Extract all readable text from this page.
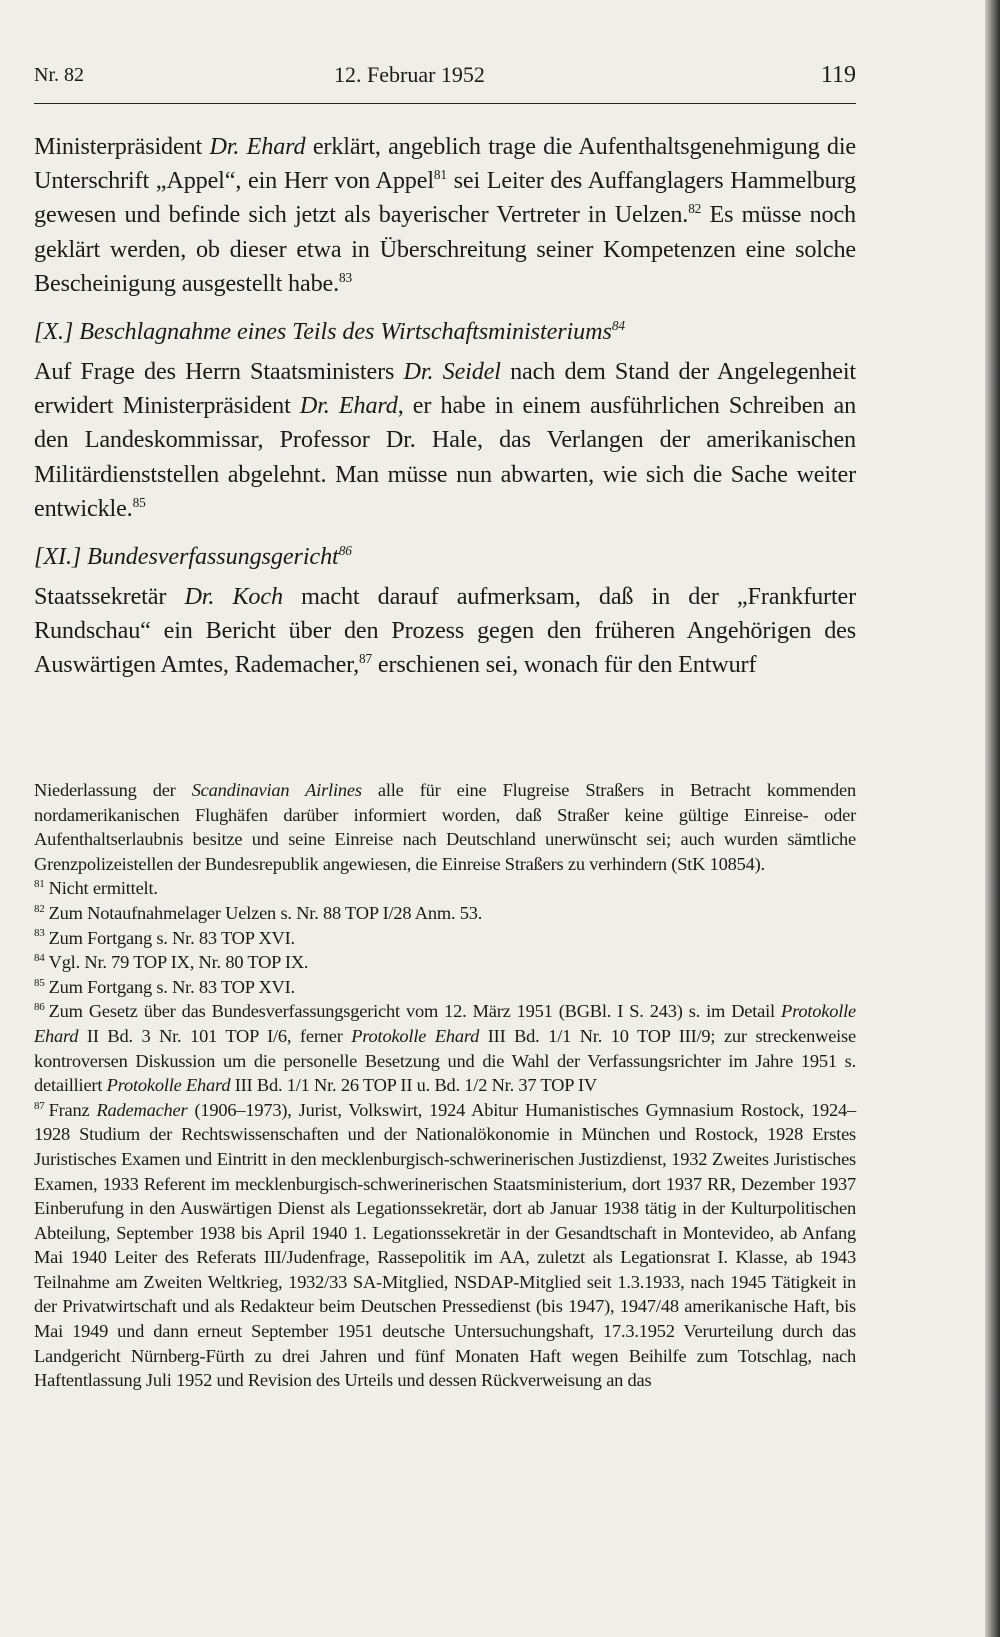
Nr. 82	12. Februar 1952	119

Ministerpräsident Dr. Ehard erklärt, angeblich trage die Aufenthaltsgenehmigung die Unterschrift „Appel“, ein Herr von Appel$^{81}$ sei Leiter des Auffanglagers Hammelburg gewesen und befinde sich jetzt als bayerischer Vertreter in Uelzen.$^{82}$ Es müsse noch geklärt werden, ob dieser etwa in Überschreitung seiner Kompetenzen eine solche Bescheinigung ausgestellt habe.$^{83}$

[X.] Beschlagnahme eines Teils des Wirtschaftsministeriums$^{84}$

Auf Frage des Herrn Staatsministers Dr. Seidel nach dem Stand der Angelegenheit erwidert Ministerpräsident Dr. Ehard, er habe in einem ausführlichen Schreiben an den Landeskommissar, Professor Dr. Hale, das Verlangen der amerikanischen Militärdienststellen abgelehnt. Man müsse nun abwarten, wie sich die Sache weiter entwickle.$^{85}$

[XI.] Bundesverfassungsgericht$^{86}$

Staatssekretär Dr. Koch macht darauf aufmerksam, daß in der „Frankfurter Rundschau“ ein Bericht über den Prozess gegen den früheren Angehörigen des Auswärtigen Amtes, Rademacher,$^{87}$ erschienen sei, wonach für den Entwurf

Niederlassung der Scandinavian Airlines alle für eine Flugreise Straßers in Betracht kommenden nordamerikanischen Flughäfen darüber informiert worden, daß Straßer keine gültige Einreise- oder Aufenthaltserlaubnis besitze und seine Einreise nach Deutschland unerwünscht sei; auch wurden sämtliche Grenzpolizeistellen der Bundesrepublik angewiesen, die Einreise Straßers zu verhindern (StK 10854).

$^{81}$ Nicht ermittelt.

$^{82}$ Zum Notaufnahmelager Uelzen s. Nr. 88 TOP I/28 Anm. 53.

$^{83}$ Zum Fortgang s. Nr. 83 TOP XVI.

$^{84}$ Vgl. Nr. 79 TOP IX, Nr. 80 TOP IX.

$^{85}$ Zum Fortgang s. Nr. 83 TOP XVI.

$^{86}$ Zum Gesetz über das Bundesverfassungsgericht vom 12. März 1951 (BGBl. I S. 243) s. im Detail Protokolle Ehard II Bd. 3 Nr. 101 TOP I/6, ferner Protokolle Ehard III Bd. 1/1 Nr. 10 TOP III/9; zur streckenweise kontroversen Diskussion um die personelle Besetzung und die Wahl der Verfassungsrichter im Jahre 1951 s. detailliert Protokolle Ehard III Bd. 1/1 Nr. 26 TOP II u. Bd. 1/2 Nr. 37 TOP IV

$^{87}$ Franz Rademacher (1906–1973), Jurist, Volkswirt, 1924 Abitur Humanistisches Gymnasium Rostock, 1924–1928 Studium der Rechtswissenschaften und der Nationalökonomie in München und Rostock, 1928 Erstes Juristisches Examen und Eintritt in den mecklenburgisch-schwerinerischen Justizdienst, 1932 Zweites Juristisches Examen, 1933 Referent im mecklenburgisch-schwerinerischen Staatsministerium, dort 1937 RR, Dezember 1937 Einberufung in den Auswärtigen Dienst als Legationssekretär, dort ab Januar 1938 tätig in der Kulturpolitischen Abteilung, September 1938 bis April 1940 1. Legationssekretär in der Gesandtschaft in Montevideo, ab Anfang Mai 1940 Leiter des Referats III/Judenfrage, Rassepolitik im AA, zuletzt als Legationsrat I. Klasse, ab 1943 Teilnahme am Zweiten Weltkrieg, 1932/33 SA-Mitglied, NSDAP-Mitglied seit 1.3.1933, nach 1945 Tätigkeit in der Privatwirtschaft und als Redakteur beim Deutschen Pressedienst (bis 1947), 1947/48 amerikanische Haft, bis Mai 1949 und dann erneut September 1951 deutsche Untersuchungshaft, 17.3.1952 Verurteilung durch das Landgericht Nürnberg-Fürth zu drei Jahren und fünf Monaten Haft wegen Beihilfe zum Totschlag, nach Haftentlassung Juli 1952 und Revision des Urteils und dessen Rückverweisung an das
